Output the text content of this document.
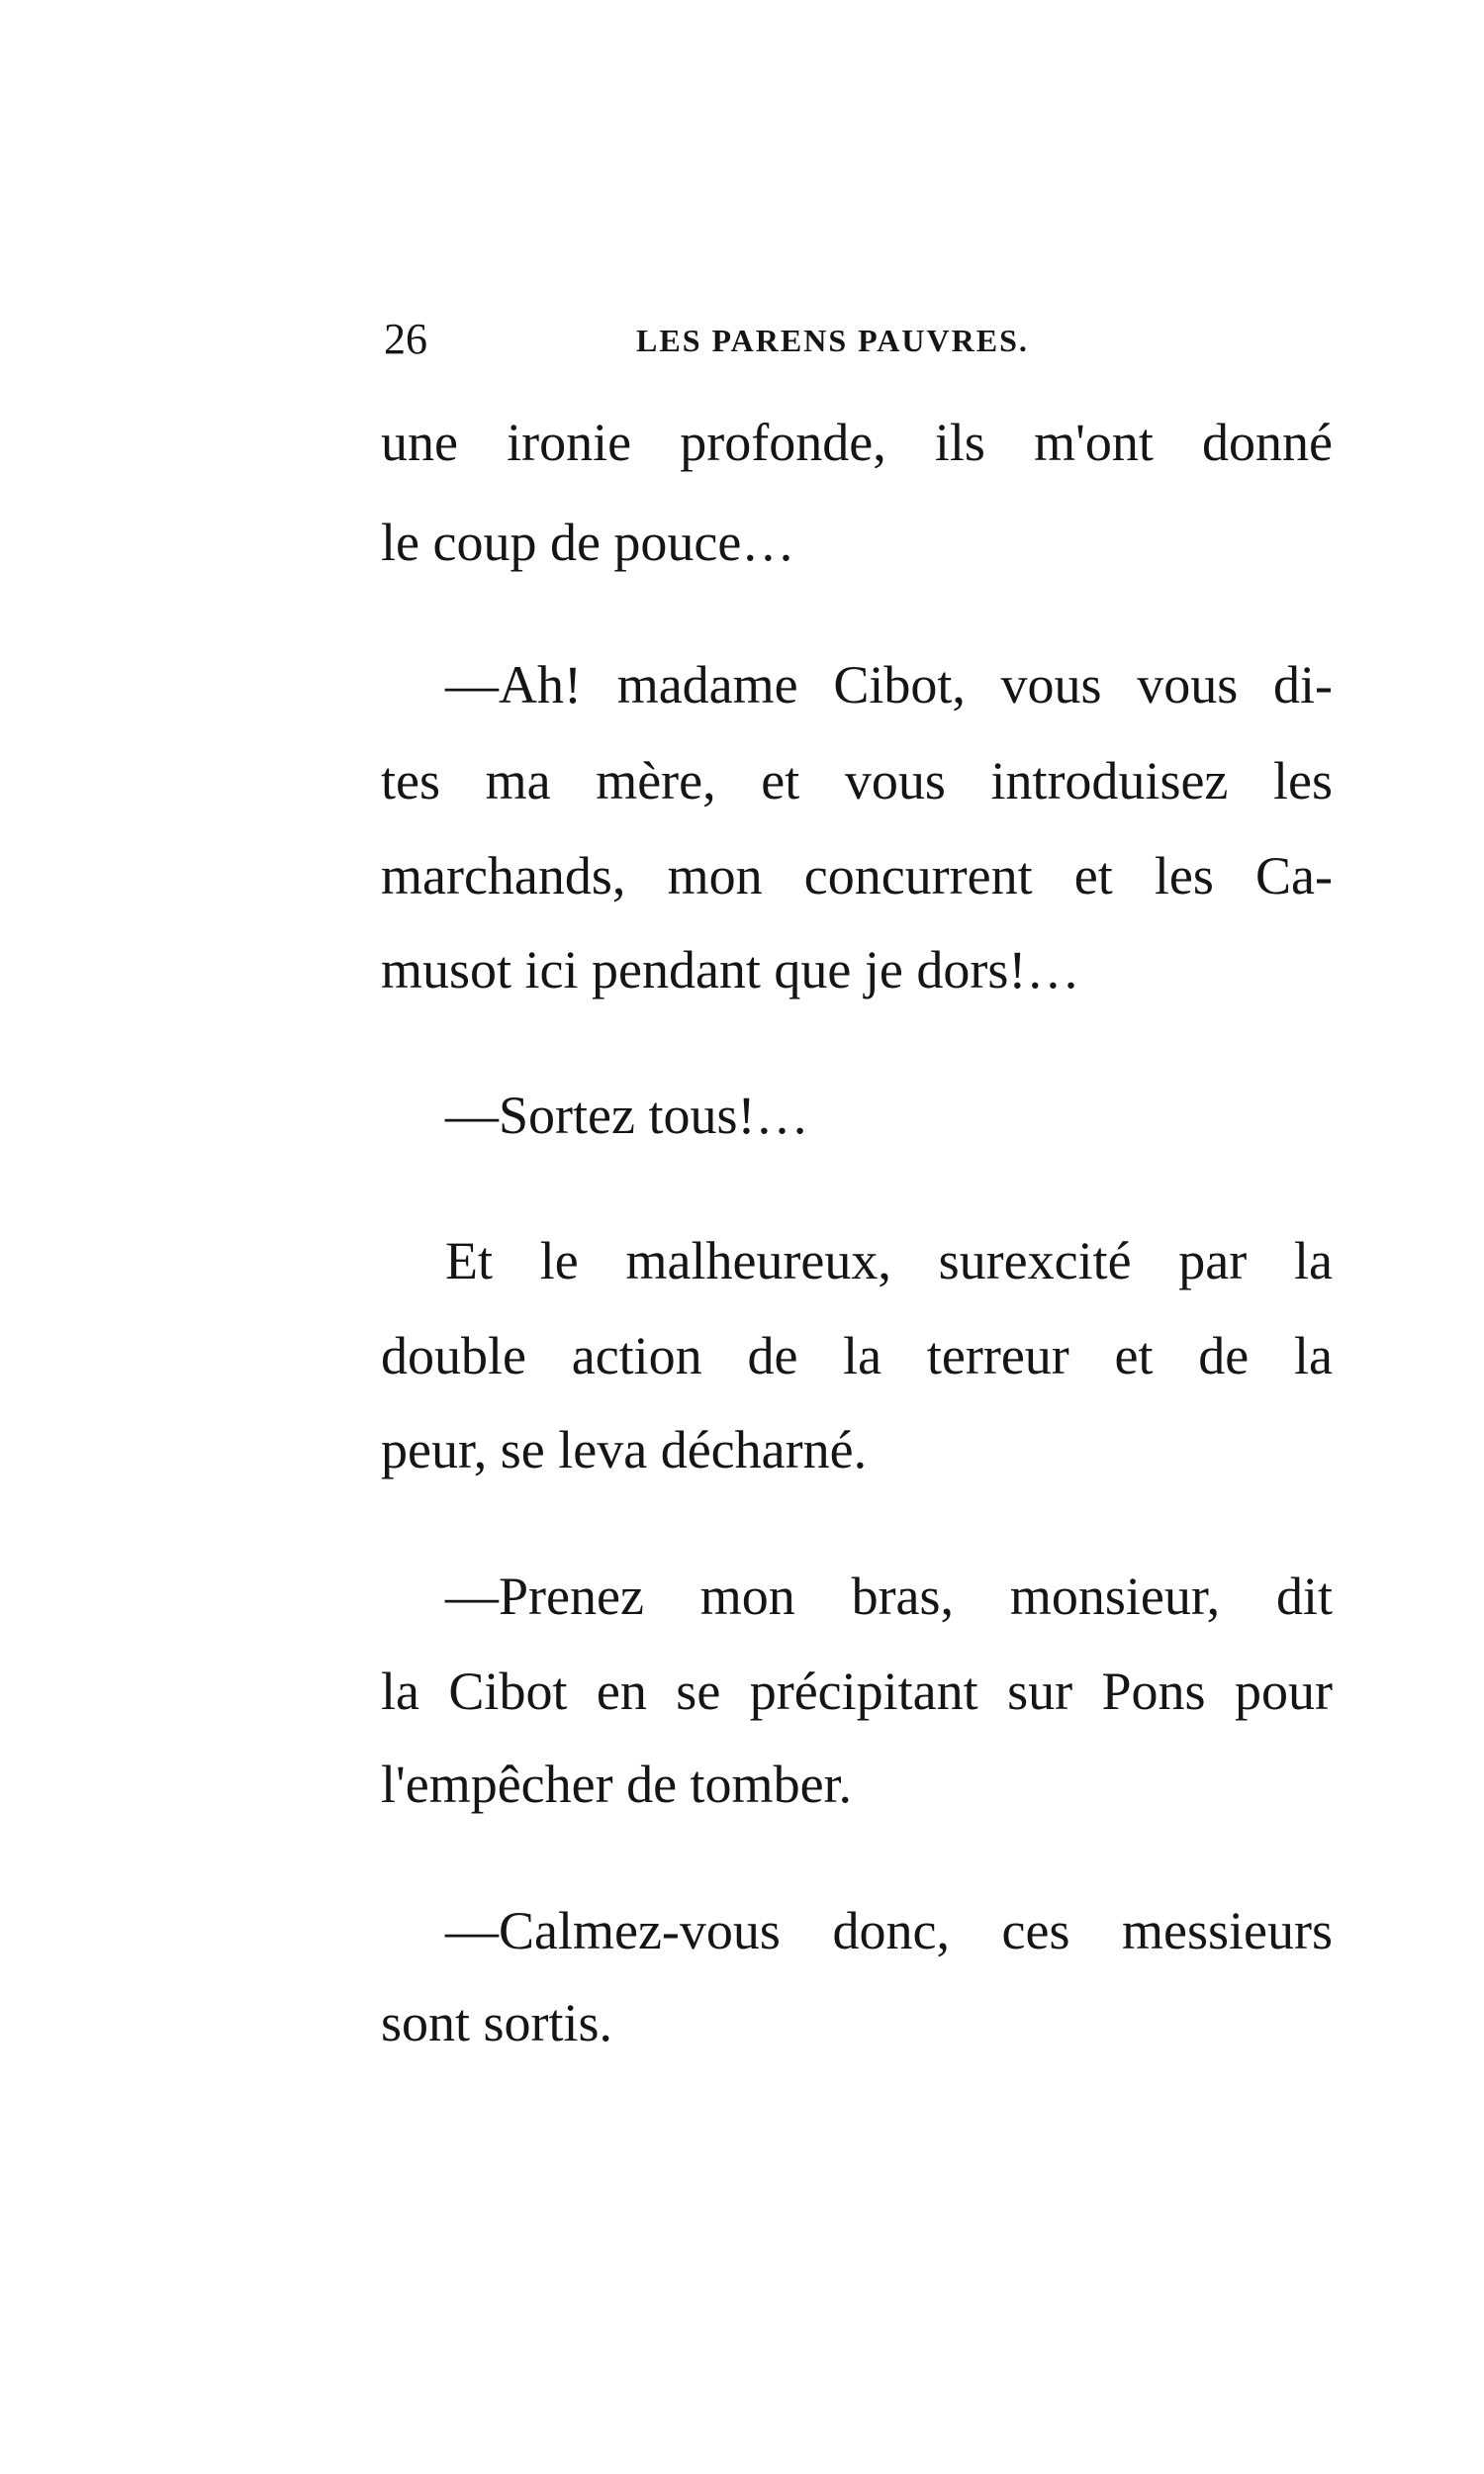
26	LES PARENS PAUVRES.
une ironie profonde, ils m'ont donné
le coup de pouce…
—Ah! madame Cibot, vous vous di-
tes ma mère, et vous introduisez les
marchands, mon concurrent et les Ca-
musot ici pendant que je dors!…
—Sortez tous!…
Et le malheureux, surexcité par la
double action de la terreur et de la
peur, se leva décharné.
—Prenez mon bras, monsieur, dit
la Cibot en se précipitant sur Pons pour
l'empêcher de tomber.
—Calmez-vous donc, ces messieurs
sont sortis.
